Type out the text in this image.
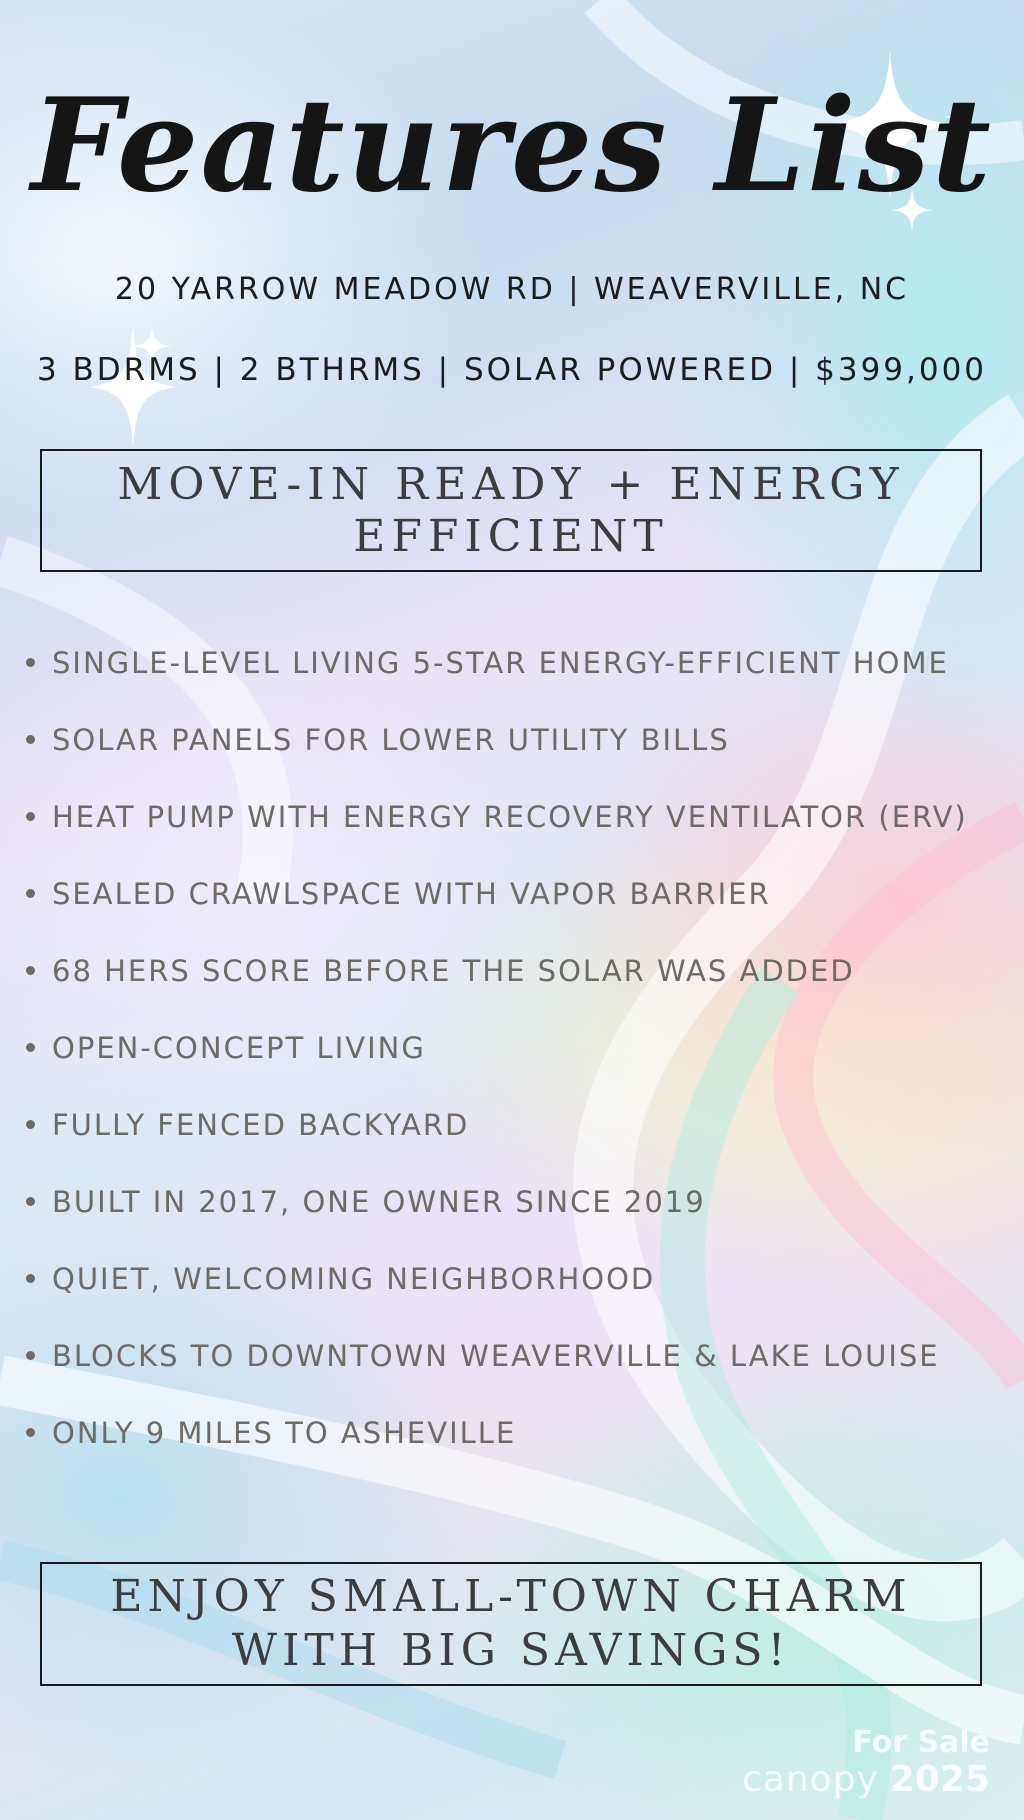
Features List
20 YARROW MEADOW RD | WEAVERVILLE, NC
3 BDRMS | 2 BTHRMS | SOLAR POWERED | $399,000
MOVE-IN READY + ENERGY EFFICIENT
SINGLE-LEVEL LIVING 5-STAR ENERGY-EFFICIENT HOME
SOLAR PANELS FOR LOWER UTILITY BILLS
HEAT PUMP WITH ENERGY RECOVERY VENTILATOR (ERV)
SEALED CRAWLSPACE WITH VAPOR BARRIER
68 HERS SCORE BEFORE THE SOLAR WAS ADDED
OPEN-CONCEPT LIVING
FULLY FENCED BACKYARD
BUILT IN 2017, ONE OWNER SINCE 2019
QUIET, WELCOMING NEIGHBORHOOD
BLOCKS TO DOWNTOWN WEAVERVILLE & LAKE LOUISE
ONLY 9 MILES TO ASHEVILLE
ENJOY SMALL-TOWN CHARM WITH BIG SAVINGS!
For Sale
canopy 2025
